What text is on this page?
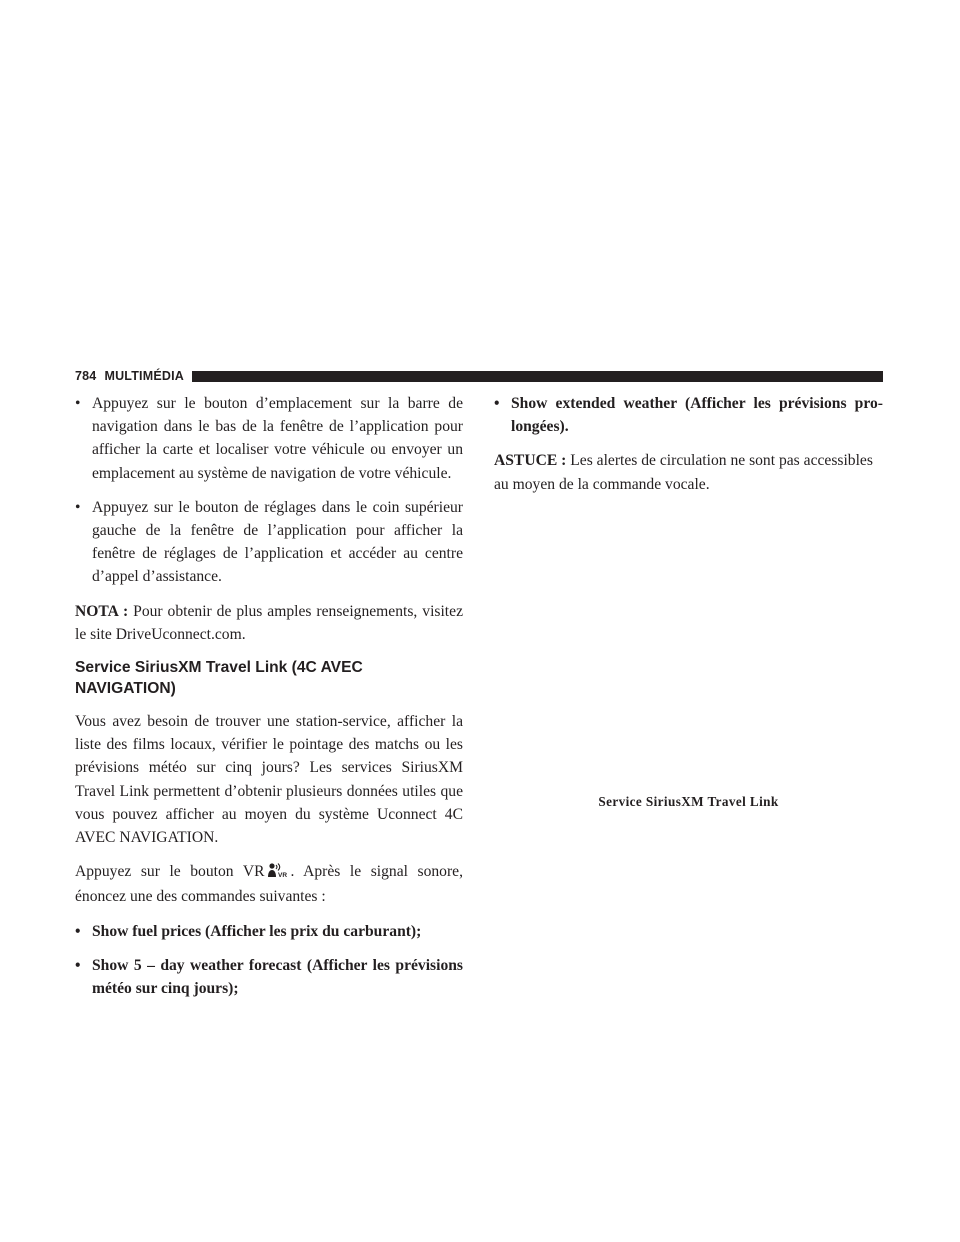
784 MULTIMÉDIA
• Appuyez sur le bouton d’emplacement sur la barre de navigation dans le bas de la fenêtre de l’application pour afficher la carte et localiser votre véhicule ou envoyer un emplacement au système de navigation de votre véhicule.
• Appuyez sur le bouton de réglages dans le coin supérieur gauche de la fenêtre de l’application pour afficher la fenêtre de réglages de l’application et accéder au centre d’appel d’assistance.

NOTA : Pour obtenir de plus amples renseignements, visitez le site DriveUconnect.com.

Service SiriusXM Travel Link (4C AVEC NAVIGATION)

Vous avez besoin de trouver une station-service, afficher la liste des films locaux, vérifier le pointage des matchs ou les prévisions météo sur cinq jours? Les services SiriusXM Travel Link permettent d’obtenir plusieurs données utiles que vous pouvez afficher au moyen du système Uconnect 4C AVEC NAVIGATION.

Appuyez sur le bouton VR VR . Après le signal sonore, énoncez une des commandes suivantes :

• Show fuel prices (Afficher les prix du carburant);
• Show 5 – day weather forecast (Afficher les prévisions météo sur cinq jours);
• Show extended weather (Afficher les prévisions pro-longées).

ASTUCE : Les alertes de circulation ne sont pas accessibles au moyen de la commande vocale.

Service SiriusXM Travel Link
